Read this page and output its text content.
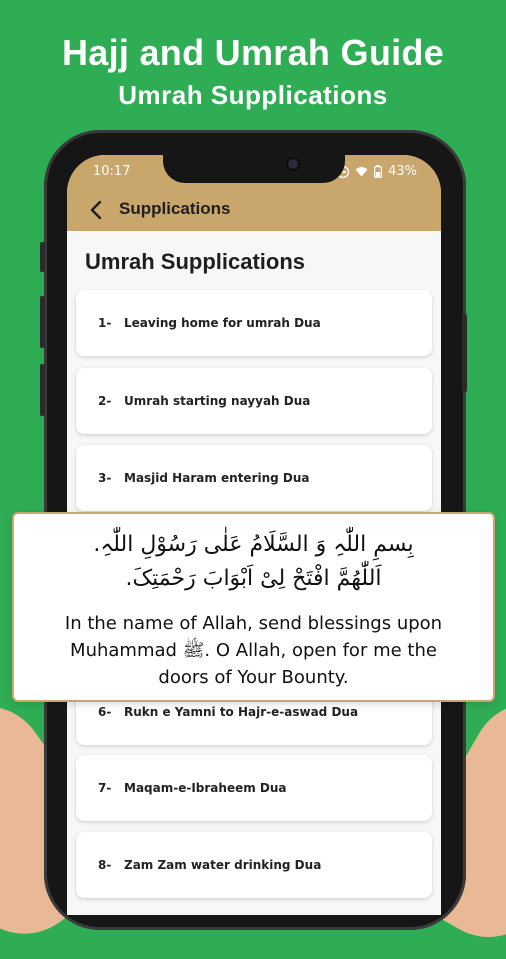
Hajj and Umrah Guide
Umrah Supplications
10:17	43%
Supplications
Umrah Supplications
1-	Leaving home for umrah Dua
2-	Umrah starting nayyah Dua
3-	Masjid Haram entering Dua
6-	Rukn e Yamni to Hajr-e-aswad Dua
7-	Maqam-e-Ibraheem Dua
8-	Zam Zam water drinking Dua
بِسمِ اللّٰہِ وَ السَّلَامُ عَلٰی رَسُوْلِ اللّٰہِ.
اَللّٰھُمَّ افْتَحْ لِیْ اَبْوَابَ رَحْمَتِکَ.
In the name of Allah, send blessings upon Muhammad ﷺ. O Allah, open for me the doors of Your Bounty.
